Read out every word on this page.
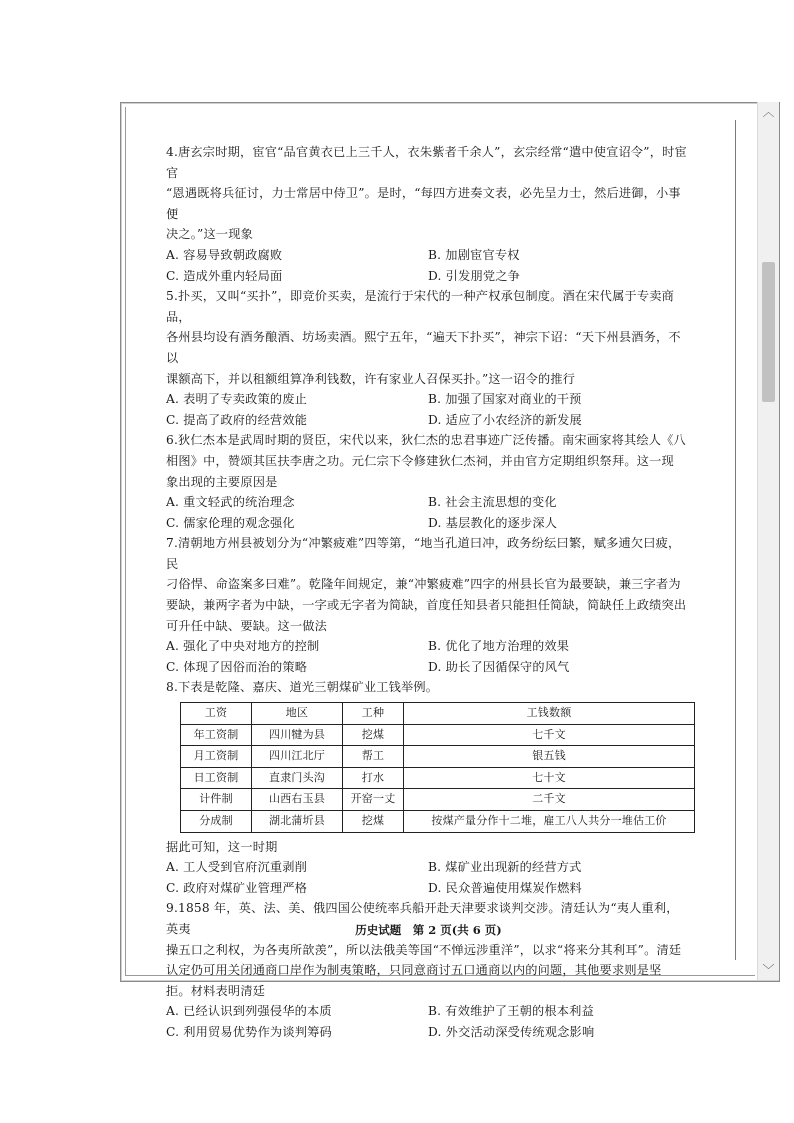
︿
﹀

4.唐玄宗时期，宦官“品官黄衣已上三千人，衣朱紫者千余人”，玄宗经常“遣中使宣诏令”，时宦官

“恩遇既将兵征讨，力士常居中侍卫”。是时，“每四方进奏文表，必先呈力士，然后进御，小事便

决之。”这一现象

A. 容易导致朝政腐败	B. 加剧宦官专权
C. 造成外重内轻局面	D. 引发朋党之争

5.扑买，又叫“买扑”，即竞价买卖，是流行于宋代的一种产权承包制度。酒在宋代属于专卖商品，

各州县均设有酒务酿酒、坊场卖酒。熙宁五年，“遍天下扑买”，神宗下诏：“天下州县酒务，不以

课额高下，并以租额组算净利钱数，许有家业人召保买扑。”这一诏令的推行

A. 表明了专卖政策的废止	B. 加强了国家对商业的干预
C. 提高了政府的经营效能	D. 适应了小农经济的新发展

6.狄仁杰本是武周时期的贤臣，宋代以来，狄仁杰的忠君事迹广泛传播。南宋画家将其绘人《八

相图》中，赞颂其匡扶李唐之功。元仁宗下令修建狄仁杰祠，并由官方定期组织祭拜。这一现

象出现的主要原因是

A. 重文轻武的统治理念	B. 社会主流思想的变化
C. 儒家伦理的观念强化	D. 基层教化的逐步深人

7.清朝地方州县被划分为“冲繁疲难”四等第，“地当孔道曰冲，政务纷纭曰繁，赋多逋欠曰疲，民

刁俗悍、命盗案多曰难”。乾隆年间规定，兼“冲繁疲难”四字的州县长官为最要缺，兼三字者为

要缺，兼两字者为中缺，一字或无字者为简缺，首度任知县者只能担任简缺，简缺任上政绩突出

可升任中缺、要缺。这一做法

A. 强化了中央对地方的控制	B. 优化了地方治理的效果
C. 体现了因俗而治的策略	D. 助长了因循保守的风气

8.下表是乾隆、嘉庆、道光三朝煤矿业工钱举例。

工资	地区	工种	工钱数额
年工资制	四川犍为县	挖煤	七千文
月工资制	四川江北厅	帮工	银五钱
日工资制	直隶门头沟	打水	七十文
计件制	山西右玉县	开窑一丈	二千文
分成制	湖北蒲圻县	挖煤	按煤产量分作十二堆，雇工八人共分一堆估工价

据此可知，这一时期

A. 工人受到官府沉重剥削	B. 煤矿业出现新的经营方式
C. 政府对煤矿业管理严格	D. 民众普遍使用煤炭作燃料

9.1858 年，英、法、美、俄四国公使统率兵船开赴天津要求谈判交涉。清廷认为“夷人重利，英夷

操五口之利权，为各夷所歆羡”，所以法俄美等国“不惮远涉重洋”，以求“将来分其利耳”。清廷

认定仍可用关闭通商口岸作为制夷策略，只同意商讨五口通商以内的问题，其他要求则是坚

拒。材料表明清廷

A. 已经认识到列强侵华的本质	B. 有效维护了王朝的根本利益
C. 利用贸易优势作为谈判筹码	D. 外交活动深受传统观念影响
历史试题　第 2 页(共 6 页)
